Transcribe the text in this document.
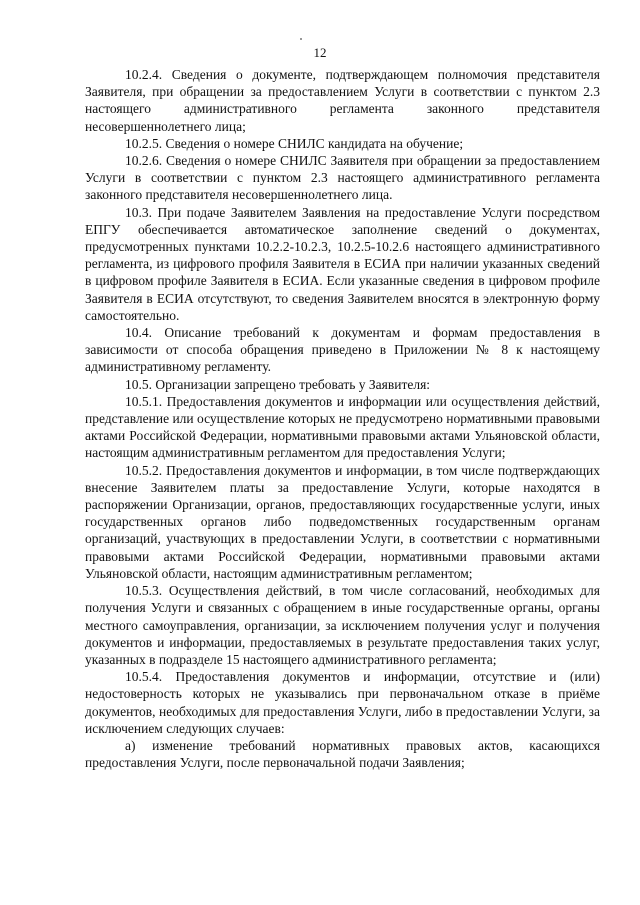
12

10.2.4. Сведения о документе, подтверждающем полномочия представителя Заявителя, при обращении за предоставлением Услуги в соответствии с пунктом 2.3 настоящего административного регламента законного представителя несовершеннолетнего лица;

10.2.5. Сведения о номере СНИЛС кандидата на обучение;

10.2.6. Сведения о номере СНИЛС Заявителя при обращении за предоставлением Услуги в соответствии с пунктом 2.3 настоящего административного регламента законного представителя несовершеннолетнего лица.

10.3. При подаче Заявителем Заявления на предоставление Услуги посредством ЕПГУ обеспечивается автоматическое заполнение сведений о документах, предусмотренных пунктами 10.2.2-10.2.3, 10.2.5-10.2.6 настоящего административного регламента, из цифрового профиля Заявителя в ЕСИА при наличии указанных сведений в цифровом профиле Заявителя в ЕСИА. Если указанные сведения в цифровом профиле Заявителя в ЕСИА отсутствуют, то сведения Заявителем вносятся в электронную форму самостоятельно.

10.4. Описание требований к документам и формам предоставления в зависимости от способа обращения приведено в Приложении № 8 к настоящему административному регламенту.

10.5. Организации запрещено требовать у Заявителя:

10.5.1. Предоставления документов и информации или осуществления действий, представление или осуществление которых не предусмотрено нормативными правовыми актами Российской Федерации, нормативными правовыми актами Ульяновской области, настоящим административным регламентом для предоставления Услуги;

10.5.2. Предоставления документов и информации, в том числе подтверждающих внесение Заявителем платы за предоставление Услуги, которые находятся в распоряжении Организации, органов, предоставляющих государственные услуги, иных государственных органов либо подведомственных государственным органам организаций, участвующих в предоставлении Услуги, в соответствии с нормативными правовыми актами Российской Федерации, нормативными правовыми актами Ульяновской области, настоящим административным регламентом;

10.5.3. Осуществления действий, в том числе согласований, необходимых для получения Услуги и связанных с обращением в иные государственные органы, органы местного самоуправления, организации, за исключением получения услуг и получения документов и информации, предоставляемых в результате предоставления таких услуг, указанных в подразделе 15 настоящего административного регламента;

10.5.4. Предоставления документов и информации, отсутствие и (или) недостоверность которых не указывались при первоначальном отказе в приёме документов, необходимых для предоставления Услуги, либо в предоставлении Услуги, за исключением следующих случаев:

а) изменение требований нормативных правовых актов, касающихся предоставления Услуги, после первоначальной подачи Заявления;
